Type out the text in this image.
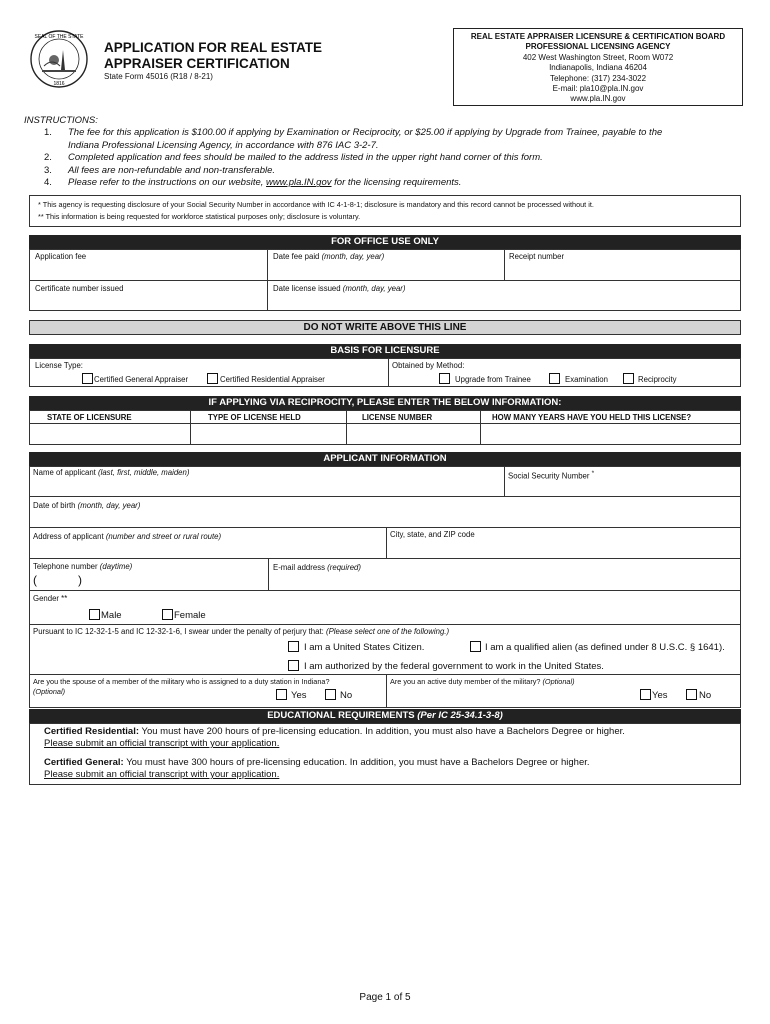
SEAL OF THE STATE
1816
APPLICATION FOR REAL ESTATE
APPRAISER CERTIFICATION
State Form 45016 (R18 / 8-21)
REAL ESTATE APPRAISER LICENSURE & CERTIFICATION BOARD
PROFESSIONAL LICENSING AGENCY
402 West Washington Street, Room W072
Indianapolis, Indiana 46204
Telephone: (317) 234-3022
E-mail: pla10@pla.IN.gov
www.pla.IN.gov
INSTRUCTIONS:
1.	The fee for this application is $100.00 if applying by Examination or Reciprocity, or $25.00 if applying by Upgrade from Trainee, payable to the
Indiana Professional Licensing Agency, in accordance with 876 IAC 3-2-7.
2.	Completed application and fees should be mailed to the address listed in the upper right hand corner of this form.
3.	All fees are non-refundable and non-transferable.
4.	Please refer to the instructions on our website, www.pla.IN.gov for the licensing requirements.
* This agency is requesting disclosure of your Social Security Number in accordance with IC 4-1-8-1; disclosure is mandatory and this record cannot be processed without it.
** This information is being requested for workforce statistical purposes only; disclosure is voluntary.
FOR OFFICE USE ONLY
Application fee	Date fee paid (month, day, year)	Receipt number
Certificate number issued	Date license issued (month, day, year)
DO NOT WRITE ABOVE THIS LINE
BASIS FOR LICENSURE
License Type:
Certified General Appraiser	Certified Residential Appraiser
Obtained by Method:
Upgrade from Trainee	Examination	Reciprocity
IF APPLYING VIA RECIPROCITY, PLEASE ENTER THE BELOW INFORMATION:
STATE OF LICENSURE	TYPE OF LICENSE HELD	LICENSE NUMBER	HOW MANY YEARS HAVE YOU HELD THIS LICENSE?
APPLICANT INFORMATION
Name of applicant (last, first, middle, maiden)	Social Security Number *
Date of birth (month, day, year)
Address of applicant (number and street or rural route)	City, state, and ZIP code
Telephone number (daytime)
(	)
E-mail address (required)
Gender **
Male	Female
Pursuant to IC 12-32-1-5 and IC 12-32-1-6, I swear under the penalty of perjury that: (Please select one of the following.)
I am a United States Citizen.	I am a qualified alien (as defined under 8 U.S.C. § 1641).
I am authorized by the federal government to work in the United States.
Are you the spouse of a member of the military who is assigned to a duty station in Indiana?
(Optional)	Yes	No
Are you an active duty member of the military? (Optional)
Yes	No
EDUCATIONAL REQUIREMENTS (Per IC 25-34.1-3-8)
Certified Residential: You must have 200 hours of pre-licensing education. In addition, you must also have a Bachelors Degree or higher.
Please submit an official transcript with your application.
Certified General: You must have 300 hours of pre-licensing education. In addition, you must have a Bachelors Degree or higher.
Please submit an official transcript with your application.
Page 1 of 5
